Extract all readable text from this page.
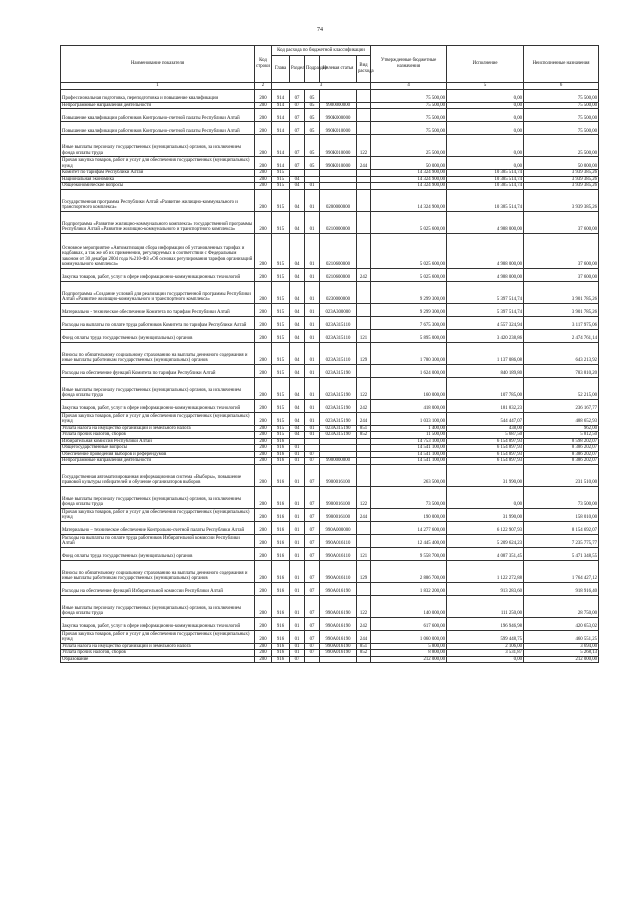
74
Наименование показателя	Код строки	Код расхода по бюджетной классификации					Утвержденные бюджетные назначения	Исполнение	Неисполненные назначения
		Глава	Раздел	Подраздел	Целевая статья	Вид расхода			
1	2	3					4	5	6
Профессиональная подготовка, переподготовка и повышение квалификации	200	914	07	05			75 500,00	0,00	75 500,00
Непрограммные направления деятельности	200	914	07	05	9900000000		75 500,00	0,00	75 500,00
Повышение квалификации работников Контрольно-счетной палаты Республики Алтай	200	914	07	05	990К000000		75 500,00	0,00	75 500,00
Повышение квалификации работников Контрольно-счетной палаты Республики Алтай	200	914	07	05	990К010000		75 500,00	0,00	75 500,00
Иные выплаты персоналу государственных (муниципальных) органов, за исключением фонда оплаты труда	200	914	07	05	990К010000	122	25 500,00	0,00	25 500,00
Прочая закупка товаров, работ и услуг для обеспечения государственных (муниципальных) нужд	200	914	07	05	990К010000	244	50 000,00	0,00	50 000,00
Комитет по тарифам Республики Алтай	200	915					14 324 900,00	10 385 514,74	3 939 385,26
Национальная экономика	200	915	04				14 324 900,00	10 385 514,74	3 939 385,26
Общеэкономические вопросы	200	915	04	01			14 324 900,00	10 385 514,74	3 939 385,26
Государственная программа Республики Алтай «Развитие жилищно-коммунального и транспортного комплекса»	200	915	04	01	0200000000		14 324 900,00	10 385 514,74	3 939 385,26
Подпрограмма «Развитие жилищно-коммунального комплекса» государственной программы Республики Алтай «Развитие жилищно-коммунального и транспортного комплекса»	200	915	04	01	0210000000		5 025 600,00	4 988 000,00	37 600,00
Основное мероприятие «Автоматизация сбора информации об установленных тарифах и надбавках, а так же об их применении, регулируемых в соответствии с Федеральным законом от 30 декабря 2004 года №210-ФЗ «Об основах регулирования тарифов организаций коммунального комплекса»	200	915	04	01	0210600000		5 025 600,00	4 988 000,00	37 600,00
Закупка товаров, работ, услуг в сфере информационно-коммуникационных технологий	200	915	04	01	0210600000	242	5 025 600,00	4 988 000,00	37 600,00
Подпрограмма «Создание условий для реализации государственной программы Республики Алтай «Развитие жилищно-коммунального и транспортного комплекса»	200	915	04	01	0230000000		9 299 300,00	5 397 514,74	3 901 785,26
Материально - техническое обеспечение Комитета по тарифам Республики Алтай	200	915	04	01	023А300000		9 299 300,00	5 397 514,74	3 901 785,26
Расходы на выплаты по оплате труда работников Комитета по тарифам Республики Алтай	200	915	04	01	023А315110		7 675 300,00	4 557 324,94	3 117 975,06
Фонд оплаты труда государственных (муниципальных) органов	200	915	04	01	023А315110	121	5 895 000,00	3 420 238,86	2 474 761,14
Взносы по обязательному социальному страхованию на выплаты денежного содержания и иные выплаты работникам государственных (муниципальных) органов	200	915	04	01	023А315110	129	1 780 300,00	1 137 086,08	643 213,92
Расходы на обеспечение функций Комитета по тарифам Республики Алтай	200	915	04	01	023А315190		1 624 000,00	840 189,80	783 810,20
Иные выплаты персоналу государственных (муниципальных) органов, за исключением фонда оплаты труда	200	915	04	01	023А315190	122	160 000,00	107 785,00	52 215,00
Закупка товаров, работ, услуг в сфере информационно-коммуникационных технологий	200	915	04	01	023А315190	242	418 000,00	181 832,23	236 167,77
Прочая закупка товаров, работ и услуг для обеспечения государственных (муниципальных) нужд	200	915	04	01	023А315190	244	1 033 100,00	544 447,07	488 652,93
Уплата налога на имущество организаций и земельного налога	200	915	04	01	023А315190	851	1 400,00	438,00	962,00
Уплата прочих налогов, сборов	200	915	04	01	023А315190	852	11 500,00	5 687,50	5 812,50
Избирательная комиссия Республики Алтай	200	916					14 753 100,00	6 154 897,93	8 598 202,07
Общегосударственные вопросы	200	916	01				14 541 100,00	6 154 897,93	8 386 202,07
Обеспечение проведения выборов и референдумов	200	916	01	07			14 541 100,00	6 154 897,93	8 386 202,07
Непрограммные направления деятельности	200	916	01	07	9900000000		14 541 100,00	6 154 897,93	8 386 202,07
Государственная автоматизированная информационная система «Выборы», повышение правовой культуры избирателей и обучение организаторов выборов	200	916	01	07	9900016100		263 500,00	31 990,00	231 510,00
Иные выплаты персоналу государственных (муниципальных) органов, за исключением фонда оплаты труда	200	916	01	07	9900016100	122	73 500,00	0,00	73 500,00
Прочая закупка товаров, работ и услуг для обеспечения государственных (муниципальных) нужд	200	916	01	07	9900016100	244	190 000,00	31 990,00	158 010,00
Материально – техническое обеспечение Контрольно-счетной палаты Республики Алтай	200	916	01	07	990А000000		14 277 600,00	6 122 907,93	8 154 692,07
Расходы на выплаты по оплате труда работников Избирательной комиссии Республики Алтай	200	916	01	07	990А016110		12 445 400,00	5 209 624,23	7 235 775,77
Фонд оплаты труда государственных (муниципальных) органов	200	916	01	07	990А016110	121	9 558 700,00	4 087 351,45	5 471 348,55
Взносы по обязательному социальному страхованию на выплаты денежного содержания и иные выплаты работникам государственных (муниципальных) органов	200	916	01	07	990А016110	129	2 886 700,00	1 122 272,88	1 764 427,12
Расходы на обеспечение функций Избирательной комиссии Республики Алтай	200	916	01	07	990А016190		1 832 200,00	913 283,60	918 916,40
Иные выплаты персоналу государственных (муниципальных) органов, за исключением фонда оплаты труда	200	916	01	07	990А016190	122	140 000,00	111 250,00	28 750,00
Закупка товаров, работ, услуг в сфере информационно-коммуникационных технологий	200	916	01	07	990А016190	242	617 600,00	196 946,98	420 653,02
Прочая закупка товаров, работ и услуг для обеспечения государственных (муниципальных) нужд	200	916	01	07	990А016190	244	1 060 000,00	599 448,75	460 551,25
Уплата налога на имущество организаций и земельного налога	200	916	01	07	990А016190	851	5 800,00	2 106,00	3 694,00
Уплата прочих налогов, сборов	200	916	01	07	990А016190	852	8 800,00	3 531,87	5 268,13
Образование	200	916	07				212 000,00	0,00	212 000,00
